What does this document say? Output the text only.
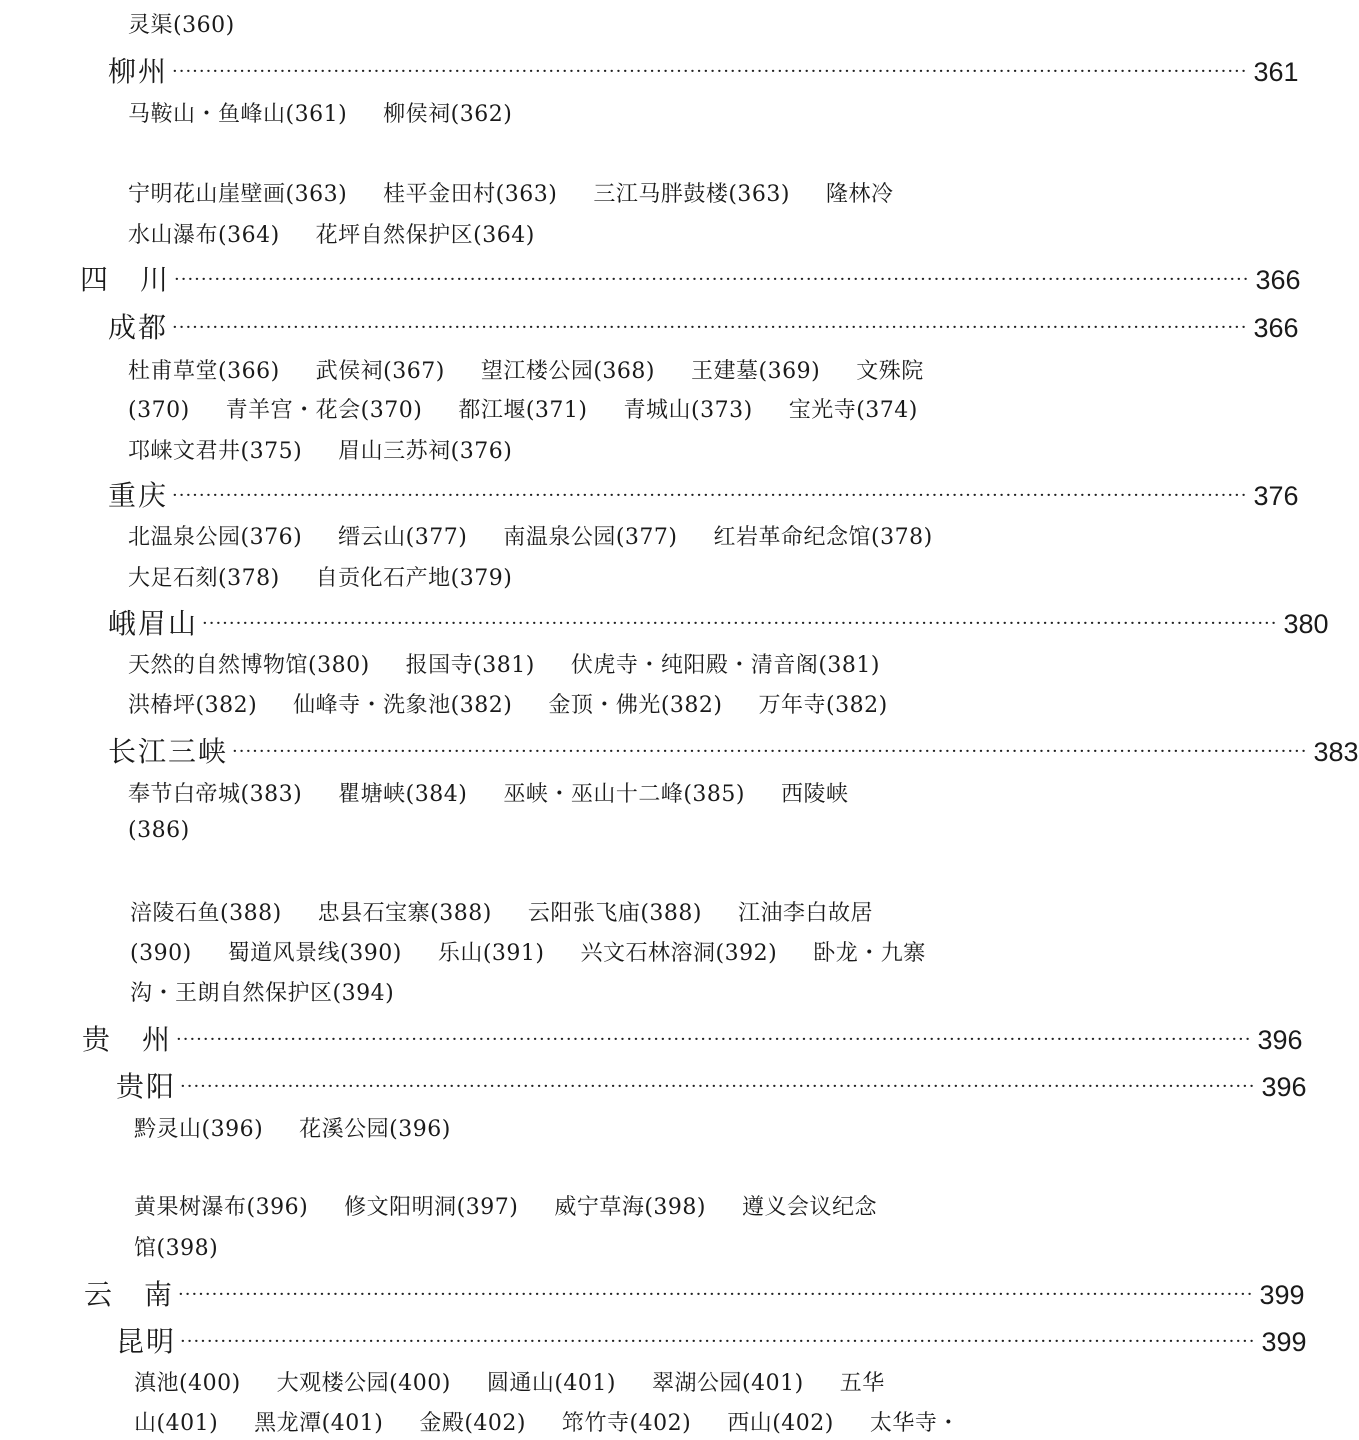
灵渠(360)
柳州 ································································································································································ 361
马鞍山・鱼峰山(361) 柳侯祠(362)
宁明花山崖壁画(363) 桂平金田村(363) 三江马胖鼓楼(363) 隆林冷
水山瀑布(364) 花坪自然保护区(364)
四　川 ································································································································································ 366
成都 ································································································································································ 366
杜甫草堂(366) 武侯祠(367) 望江楼公园(368) 王建墓(369) 文殊院
(370) 青羊宫・花会(370) 都江堰(371) 青城山(373) 宝光寺(374)
邛崃文君井(375) 眉山三苏祠(376)
重庆 ································································································································································ 376
北温泉公园(376) 缙云山(377) 南温泉公园(377) 红岩革命纪念馆(378)
大足石刻(378) 自贡化石产地(379)
峨眉山 ································································································································································ 380
天然的自然博物馆(380) 报国寺(381) 伏虎寺・纯阳殿・清音阁(381)
洪椿坪(382) 仙峰寺・洗象池(382) 金顶・佛光(382) 万年寺(382)
长江三峡 ································································································································································ 383
奉节白帝城(383) 瞿塘峡(384) 巫峡・巫山十二峰(385) 西陵峡
(386)
涪陵石鱼(388) 忠县石宝寨(388) 云阳张飞庙(388) 江油李白故居
(390) 蜀道风景线(390) 乐山(391) 兴文石林溶洞(392) 卧龙・九寨
沟・王朗自然保护区(394)
贵　州 ································································································································································ 396
贵阳 ································································································································································ 396
黔灵山(396) 花溪公园(396)
黄果树瀑布(396) 修文阳明洞(397) 威宁草海(398) 遵义会议纪念
馆(398)
云　南 ································································································································································ 399
昆明 ································································································································································ 399
滇池(400) 大观楼公园(400) 圆通山(401) 翠湖公园(401) 五华
山(401) 黑龙潭(401) 金殿(402) 筇竹寺(402) 西山(402) 太华寺・
